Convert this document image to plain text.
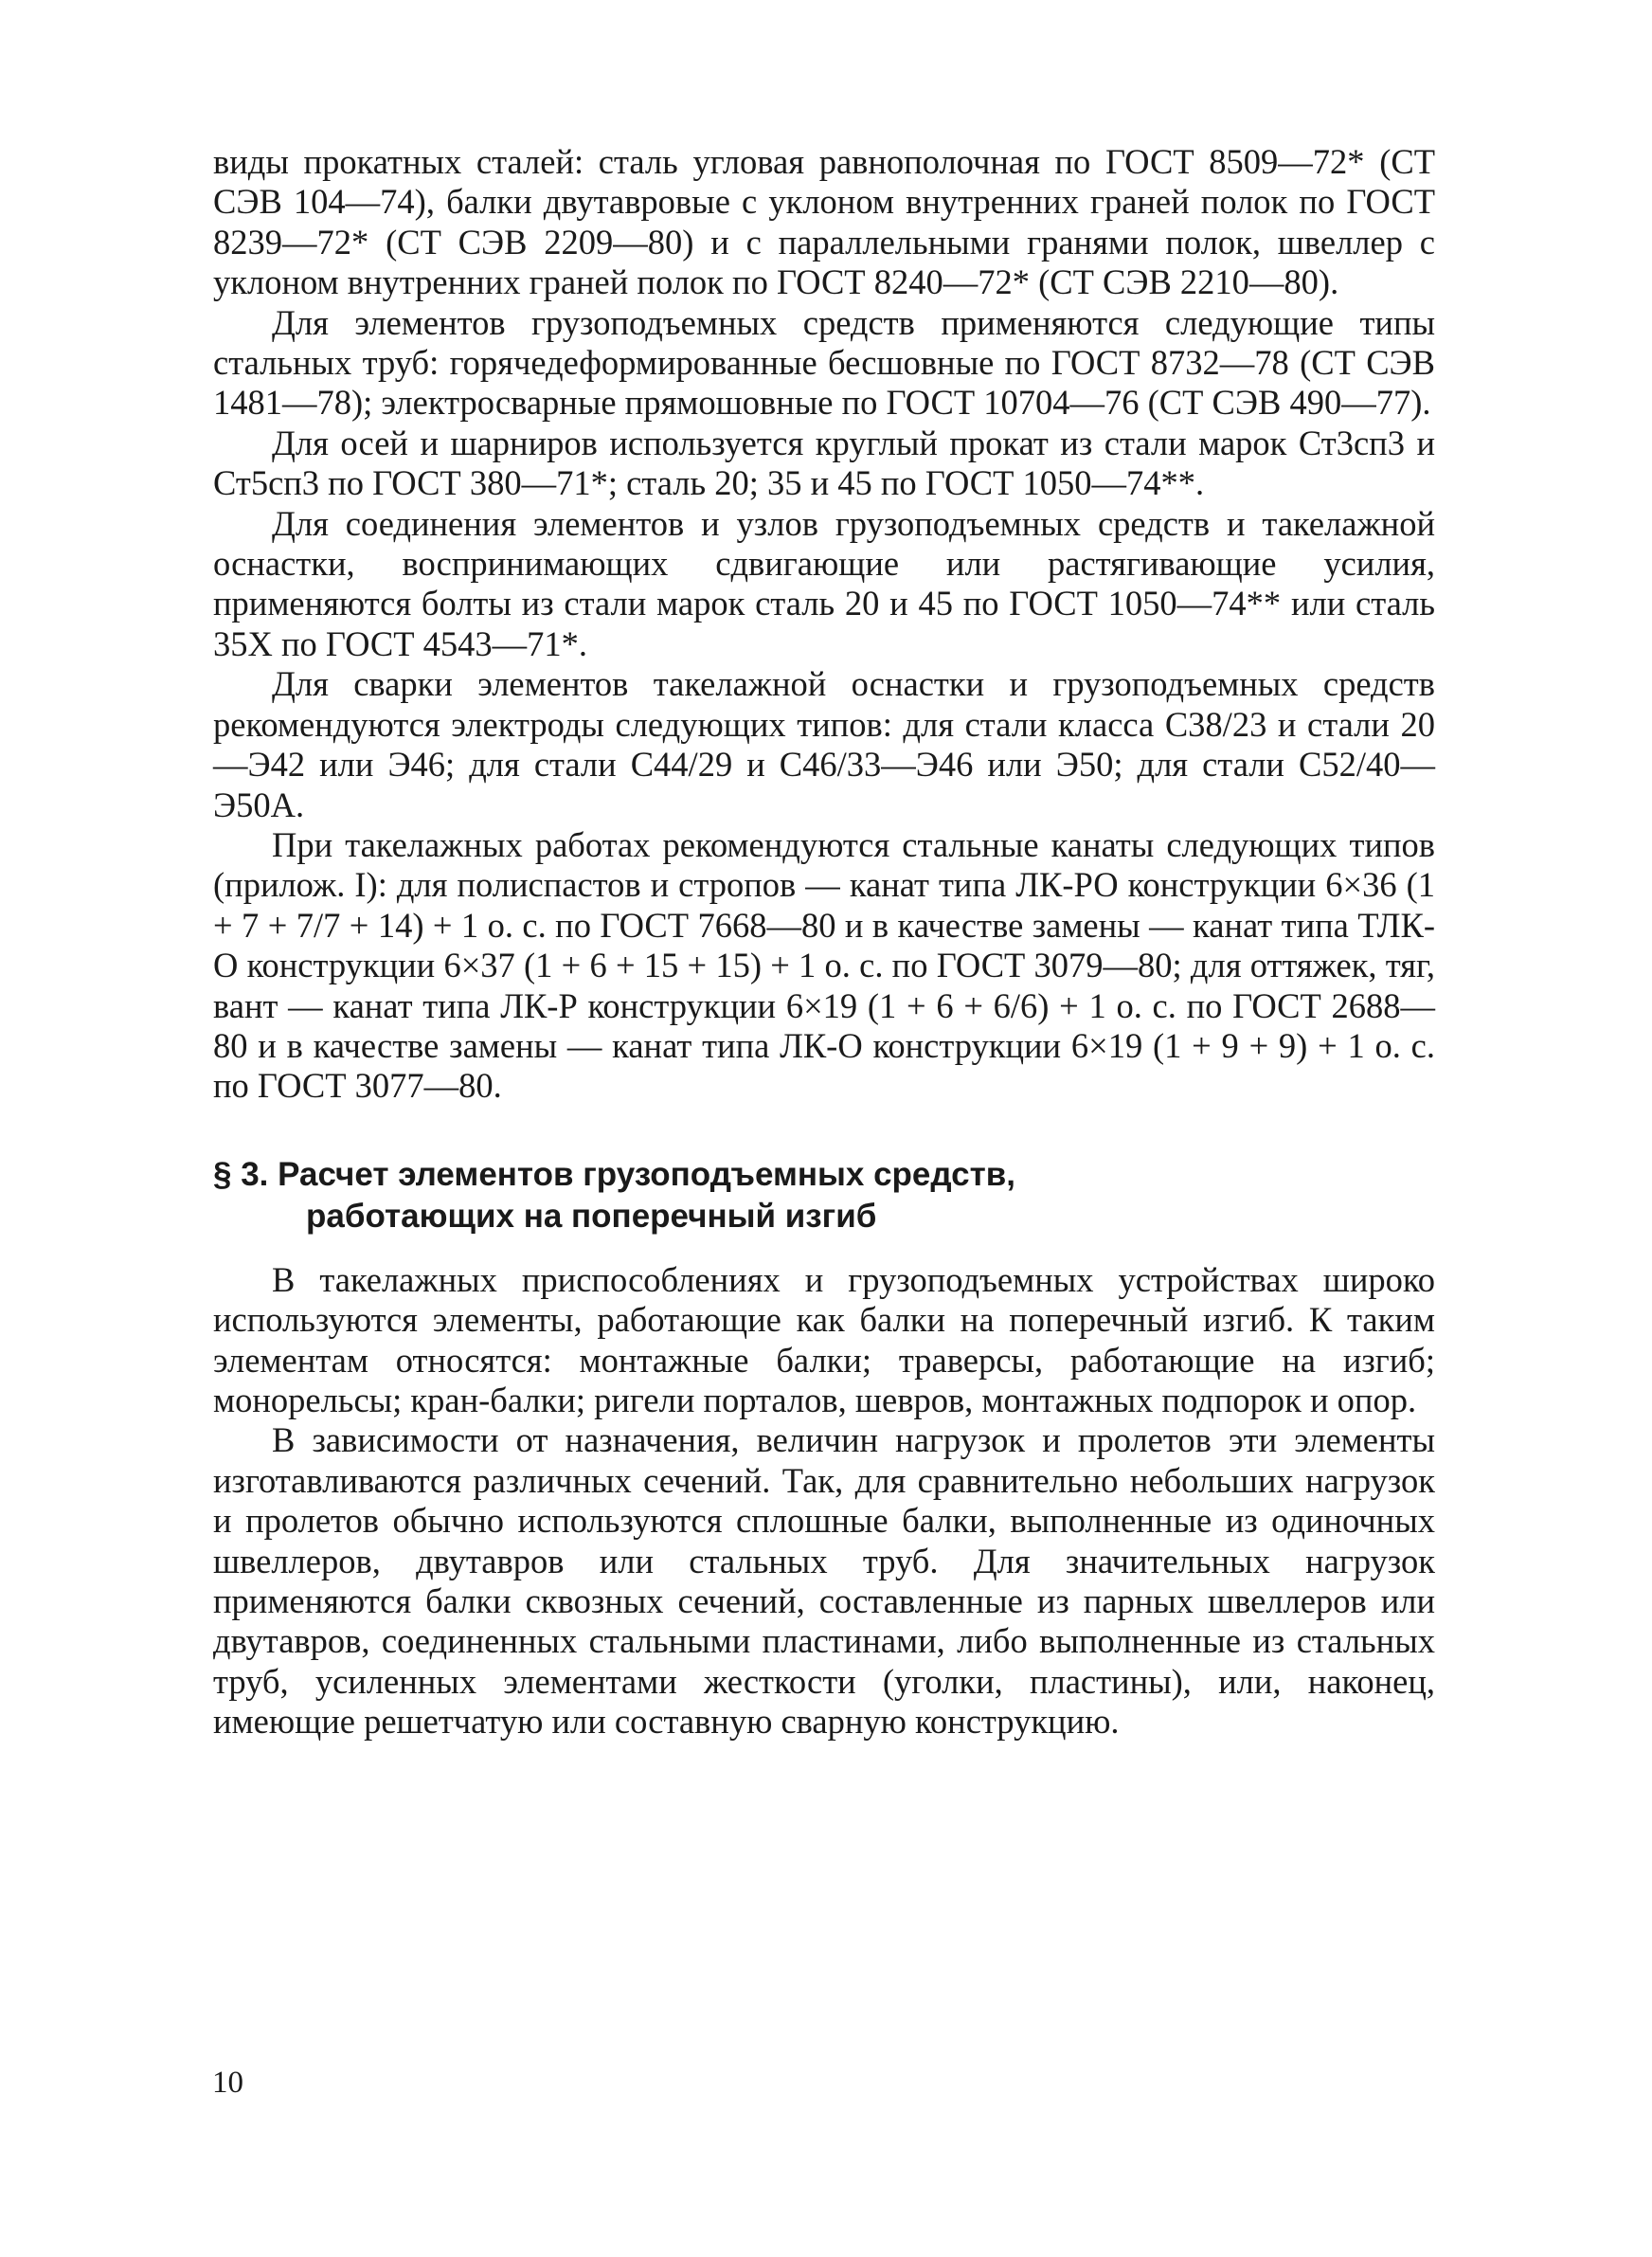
виды прокатных сталей: сталь угловая равнополочная по ГОСТ 8509—72* (СТ СЭВ 104—74), балки двутавровые с уклоном внутренних граней полок по ГОСТ 8239—72* (СТ СЭВ 2209—80) и с параллельными гранями полок, швеллер с уклоном внутренних граней полок по ГОСТ 8240—72* (СТ СЭВ 2210—80).

Для элементов грузоподъемных средств применяются следующие типы стальных труб: горячедеформированные бесшовные по ГОСТ 8732—78 (СТ СЭВ 1481—78); электросварные прямошовные по ГОСТ 10704—76 (СТ СЭВ 490—77).

Для осей и шарниров используется круглый прокат из стали марок Ст3сп3 и Ст5сп3 по ГОСТ 380—71*; сталь 20; 35 и 45 по ГОСТ 1050—74**.

Для соединения элементов и узлов грузоподъемных средств и такелажной оснастки, воспринимающих сдвигающие или растягивающие усилия, применяются болты из стали марок сталь 20 и 45 по ГОСТ 1050—74** или сталь 35Х по ГОСТ 4543—71*.

Для сварки элементов такелажной оснастки и грузоподъемных средств рекомендуются электроды следующих типов: для стали класса С38/23 и стали 20—Э42 или Э46; для стали С44/29 и С46/33—Э46 или Э50; для стали С52/40—Э50А.

При такелажных работах рекомендуются стальные канаты следующих типов (прилож. I): для полиспастов и стропов — канат типа ЛК-РО конструкции 6×36 (1 + 7 + 7/7 + 14) + 1 о. с. по ГОСТ 7668—80 и в качестве замены — канат типа ТЛК-О конструкции 6×37 (1 + 6 + 15 + 15) + 1 о. с. по ГОСТ 3079—80; для оттяжек, тяг, вант — канат типа ЛК-Р конструкции 6×19 (1 + 6 + 6/6) + 1 о. с. по ГОСТ 2688—80 и в качестве замены — канат типа ЛК-О конструкции 6×19 (1 + 9 + 9) + 1 о. с. по ГОСТ 3077—80.

§ 3. Расчет элементов грузоподъемных средств,
работающих на поперечный изгиб

В такелажных приспособлениях и грузоподъемных устройствах широко используются элементы, работающие как балки на поперечный изгиб. К таким элементам относятся: монтажные балки; траверсы, работающие на изгиб; монорельсы; кран-балки; ригели порталов, шевров, монтажных подпорок и опор.

В зависимости от назначения, величин нагрузок и пролетов эти элементы изготавливаются различных сечений. Так, для сравнительно небольших нагрузок и пролетов обычно используются сплошные балки, выполненные из одиночных швеллеров, двутавров или стальных труб. Для значительных нагрузок применяются балки сквозных сечений, составленные из парных швеллеров или двутавров, соединенных стальными пластинами, либо выполненные из стальных труб, усиленных элементами жесткости (уголки, пластины), или, наконец, имеющие решетчатую или составную сварную конструкцию.

10
